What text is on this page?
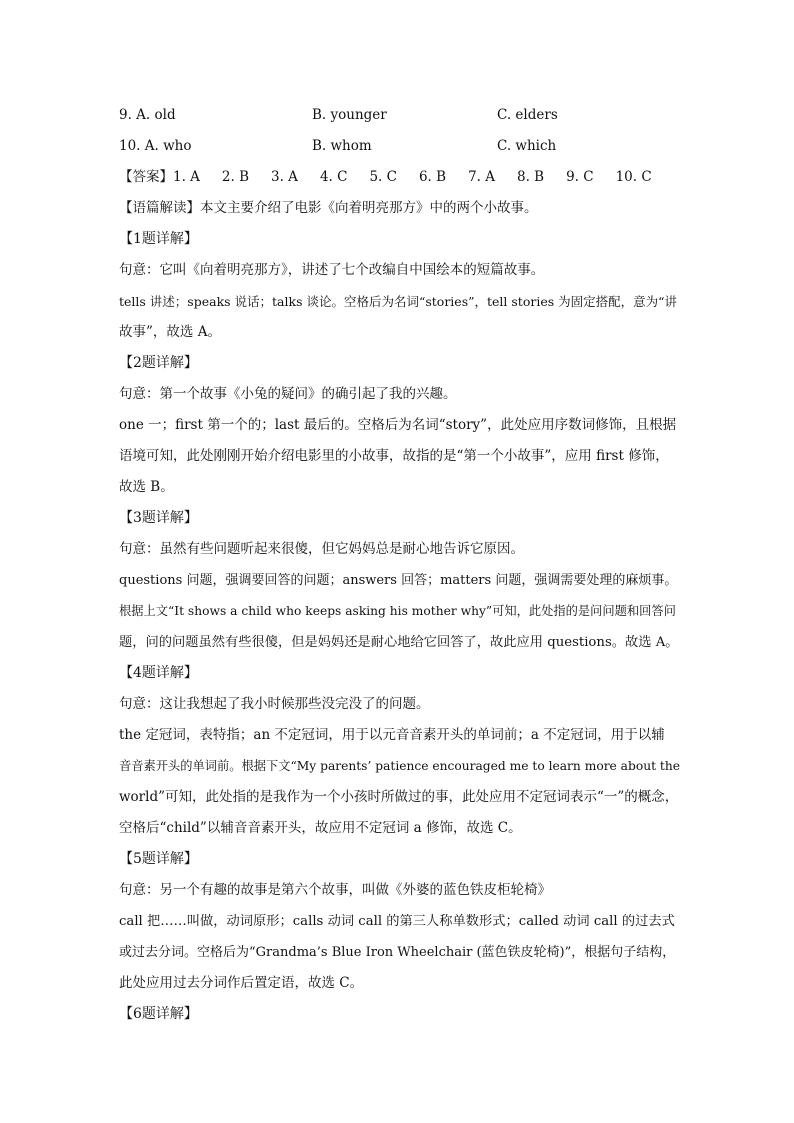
9. A. old	B. younger	C. elders
10. A. who	B. whom	C. which
【答案】1. A 2. B 3. A 4. C 5. C 6. B 7. A 8. B 9. C 10. C
【语篇解读】本文主要介绍了电影《向着明亮那方》中的两个小故事。
【1题详解】
句意：它叫《向着明亮那方》，讲述了七个改编自中国绘本的短篇故事。
tells 讲述；speaks 说话；talks 谈论。空格后为名词“stories”，tell stories 为固定搭配，意为“讲
故事”，故选 A。
【2题详解】
句意：第一个故事《小兔的疑问》的确引起了我的兴趣。
one 一；first 第一个的；last 最后的。空格后为名词“story”，此处应用序数词修饰，且根据
语境可知，此处刚刚开始介绍电影里的小故事，故指的是“第一个小故事”，应用 first 修饰，
故选 B。
【3题详解】
句意：虽然有些问题听起来很傻，但它妈妈总是耐心地告诉它原因。
questions 问题，强调要回答的问题；answers 回答；matters 问题，强调需要处理的麻烦事。
根据上文“It shows a child who keeps asking his mother why”可知，此处指的是问问题和回答问
题，问的问题虽然有些很傻，但是妈妈还是耐心地给它回答了，故此应用 questions。故选 A。
【4题详解】
句意：这让我想起了我小时候那些没完没了的问题。
the 定冠词，表特指；an 不定冠词，用于以元音音素开头的单词前；a 不定冠词，用于以辅
音音素开头的单词前。根据下文“My parents’ patience encouraged me to learn more about the
world”可知，此处指的是我作为一个小孩时所做过的事，此处应用不定冠词表示“一”的概念，
空格后“child”以辅音音素开头，故应用不定冠词 a 修饰，故选 C。
【5题详解】
句意：另一个有趣的故事是第六个故事，叫做《外婆的蓝色铁皮柜轮椅》
call 把……叫做，动词原形；calls 动词 call 的第三人称单数形式；called 动词 call 的过去式
或过去分词。空格后为“Grandma’s Blue Iron Wheelchair (蓝色铁皮轮椅)”，根据句子结构，
此处应用过去分词作后置定语，故选 C。
【6题详解】
